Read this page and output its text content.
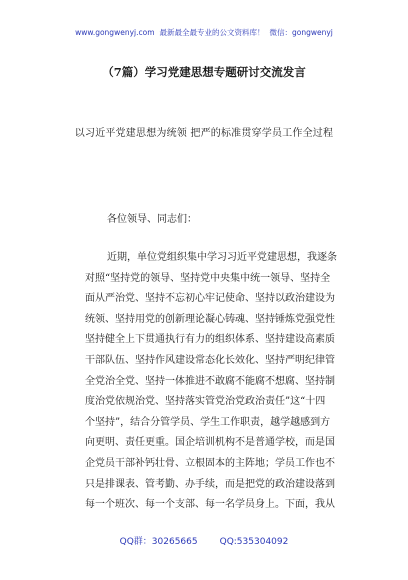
www.gongwenyj.com 最新最全最专业的公文资料库！ 微信：gongwenyj
（7篇）学习党建思想专题研讨交流发言
以习近平党建思想为统领 把严的标准贯穿学员工作全过程
各位领导、同志们：
近期，单位党组织集中学习习近平党建思想，我逐条
对照“坚持党的领导、坚持党中央集中统一领导、坚持全
面从严治党、坚持不忘初心牢记使命、坚持以政治建设为
统领、坚持用党的创新理论凝心铸魂、坚持锤炼党强党性
坚持健全上下贯通执行有力的组织体系、坚持建设高素质
干部队伍、坚持作风建设常态化长效化、坚持严明纪律管
全党治全党、坚持一体推进不敢腐不能腐不想腐、坚持制
度治党依规治党、坚持落实管党治党政治责任”这“十四
个坚持”，结合分管学员、学生工作职责，越学越感到方
向更明、责任更重。国企培训机构不是普通学校，而是国
企党员干部补钙壮骨、立根固本的主阵地；学员工作也不
只是排课表、管考勤、办手续，而是把党的政治建设落到
每一个班次、每一个支部、每一名学员身上。下面，我从
QQ群：30265665 QQ:535304092
